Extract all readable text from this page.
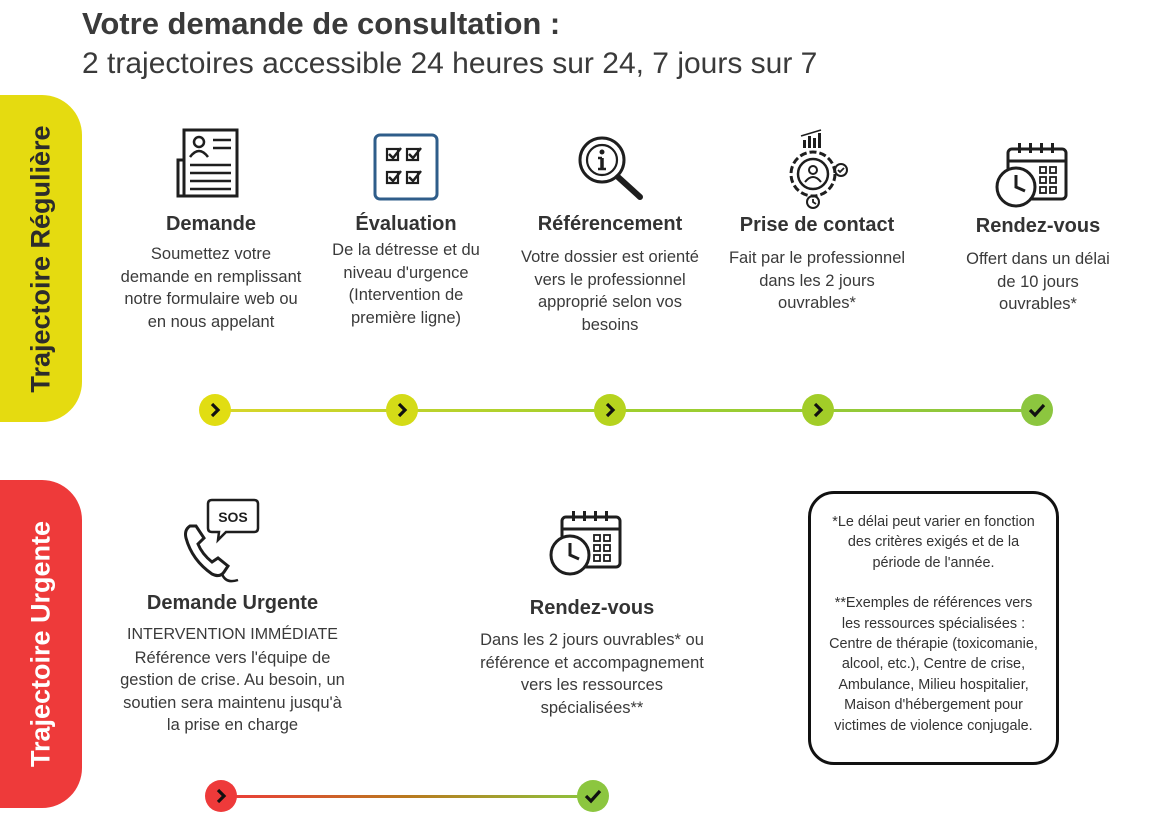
Votre demande de consultation :
2 trajectoires accessible 24 heures sur 24, 7 jours sur 7
Trajectoire Régulière
Trajectoire Urgente
Demande
Soumettez votre demande en remplissant notre formulaire web ou en nous appelant
Évaluation
De la détresse et du niveau d'urgence (Intervention de première ligne)
Référencement
Votre dossier est orienté vers le professionnel approprié selon vos besoins
Prise de contact
Fait par le professionnel dans les 2 jours ouvrables*
Rendez-vous
Offert dans un délai de 10 jours ouvrables*
SOS
Demande Urgente
INTERVENTION IMMÉDIATE
Référence vers l'équipe de gestion de crise. Au besoin, un soutien sera maintenu jusqu'à la prise en charge
Rendez-vous
Dans les 2 jours ouvrables* ou référence et accompagnement vers les ressources spécialisées**

*Le délai peut varier en fonction des critères exigés et de la période de l'année.

**Exemples de références vers les ressources spécialisées : Centre de thérapie (toxicomanie, alcool, etc.), Centre de crise, Ambulance, Milieu hospitalier, Maison d'hébergement pour victimes de violence conjugale.
